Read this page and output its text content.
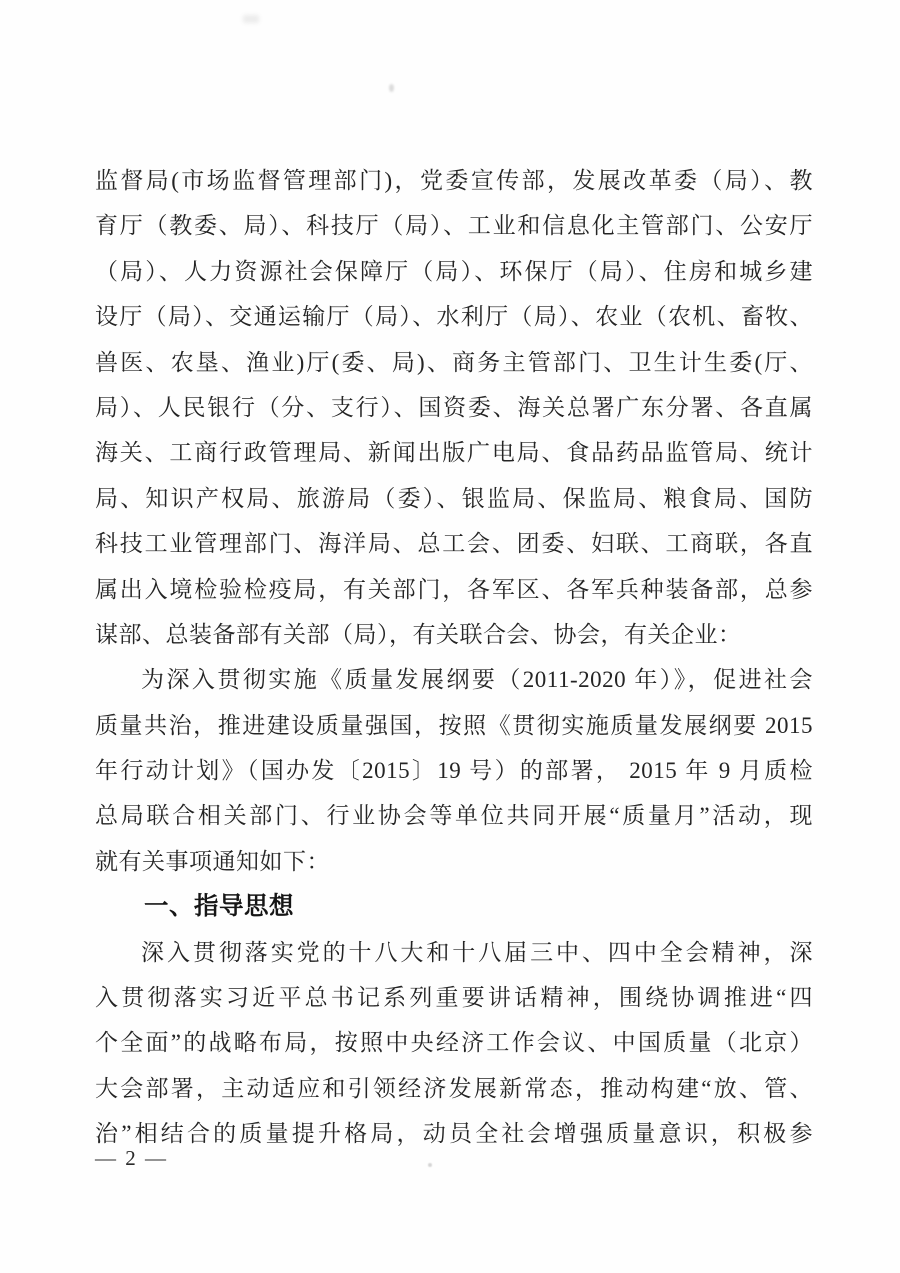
监督局(市场监督管理部门)，党委宣传部，发展改革委（局）、教
育厅（教委、局）、科技厅（局）、工业和信息化主管部门、公安厅
（局）、人力资源社会保障厅（局）、环保厅（局）、住房和城乡建
设厅（局）、交通运输厅（局）、水利厅（局）、农业（农机、畜牧、
兽医、农垦、渔业)厅(委、局)、商务主管部门、卫生计生委(厅、
局）、人民银行（分、支行）、国资委、海关总署广东分署、各直属
海关、工商行政管理局、新闻出版广电局、食品药品监管局、统计
局、知识产权局、旅游局（委）、银监局、保监局、粮食局、国防
科技工业管理部门、海洋局、总工会、团委、妇联、工商联，各直
属出入境检验检疫局，有关部门，各军区、各军兵种装备部，总参
谋部、总装备部有关部（局），有关联合会、协会，有关企业：
为深入贯彻实施《质量发展纲要（2011-2020 年）》，促进社会
质量共治，推进建设质量强国，按照《贯彻实施质量发展纲要 2015
年行动计划》（国办发〔2015〕19 号）的部署， 2015 年 9 月质检
总局联合相关部门、行业协会等单位共同开展“质量月”活动，现
就有关事项通知如下：
一、指导思想
深入贯彻落实党的十八大和十八届三中、四中全会精神，深
入贯彻落实习近平总书记系列重要讲话精神，围绕协调推进“四
个全面”的战略布局，按照中央经济工作会议、中国质量（北京）
大会部署，主动适应和引领经济发展新常态，推动构建“放、管、
治”相结合的质量提升格局，动员全社会增强质量意识，积极参
— 2 —
